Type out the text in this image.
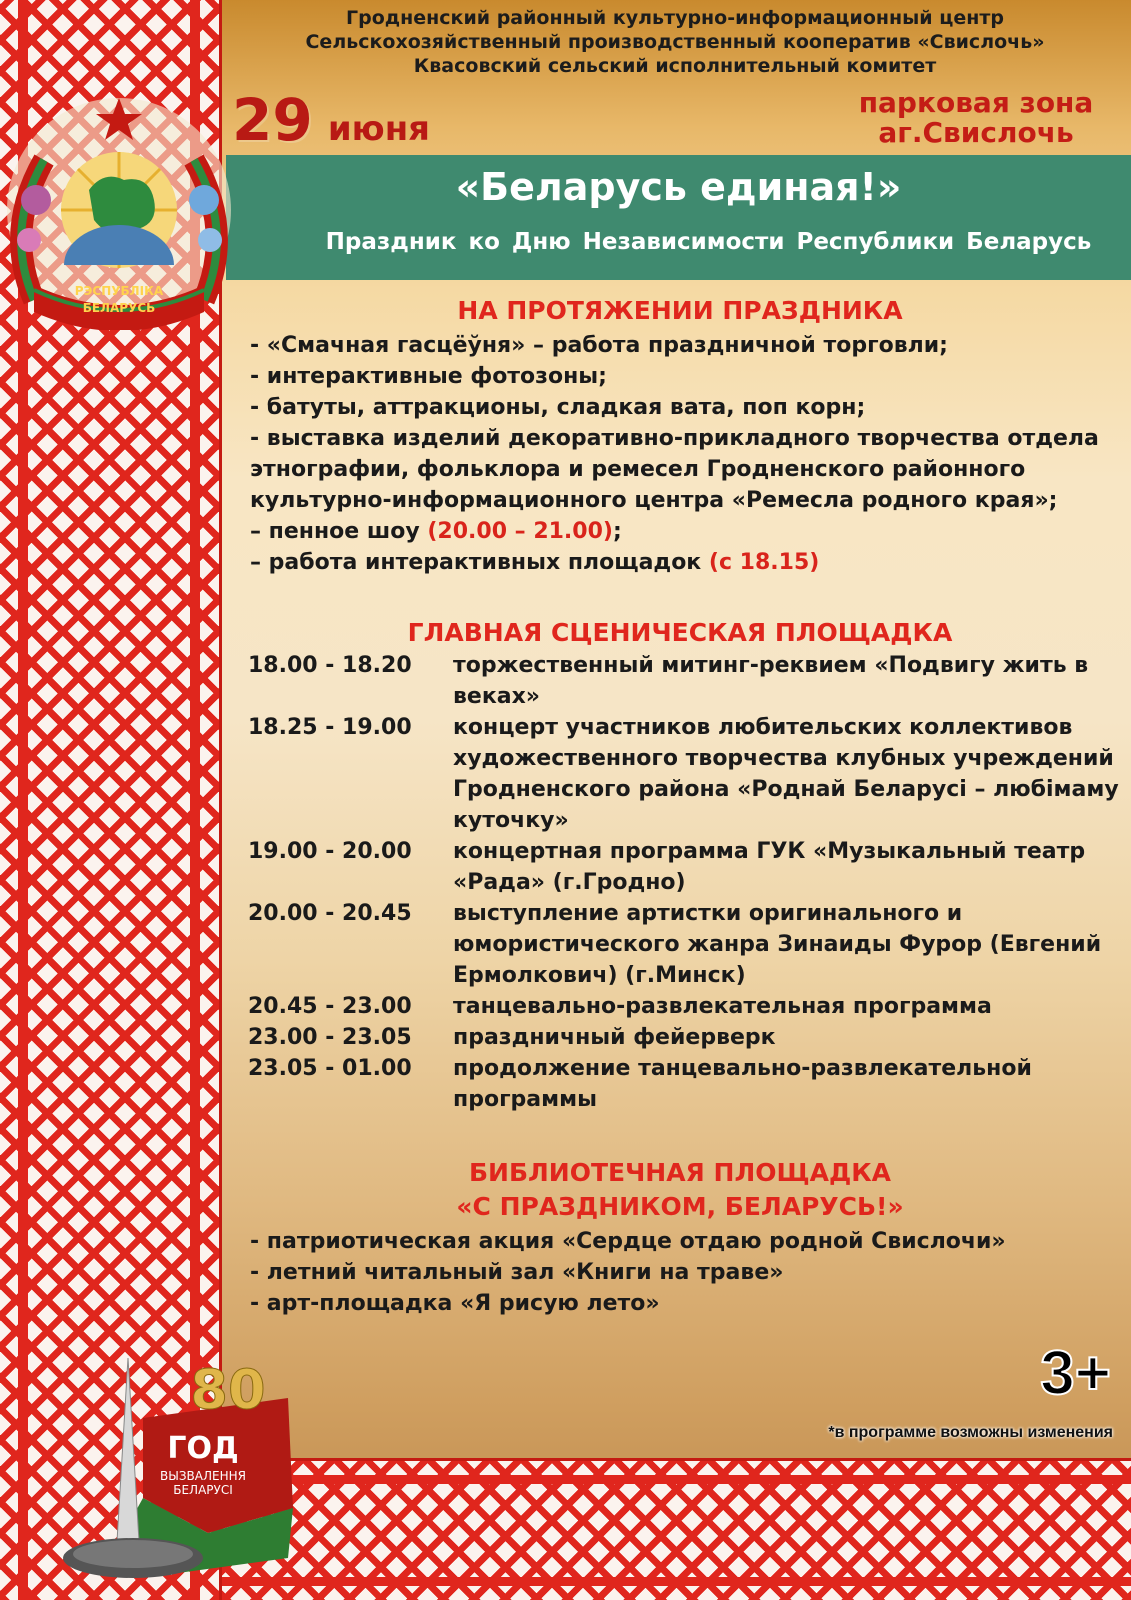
Гродненский районный культурно-информационный центр
Сельскохозяйственный производственный кооператив «Свислочь»
Квасовский сельский исполнительный комитет
29 июня
парковая зона
аг.Свислочь
«Беларусь единая!»
Праздник ко Дню Независимости Республики Беларусь
РЭСПУБЛІКА
БЕЛАРУСЬ	НА ПРОТЯЖЕНИИ ПРАЗДНИКА
- «Смачная гасцёўня» – работа праздничной торговли;
- интерактивные фотозоны;
- батуты, аттракционы, сладкая вата, поп корн;
- выставка изделий декоративно-прикладного творчества отдела этнографии, фольклора и ремесел Гродненского районного культурно-информационного центра «Ремесла родного края»;
– пенное шоу (20.00 – 21.00);
– работа интерактивных площадок (с 18.15)
ГЛАВНАЯ СЦЕНИЧЕСКАЯ ПЛОЩАДКА
18.00 - 18.20	торжественный митинг-реквием «Подвигу жить в веках»
18.25 - 19.00	концерт участников любительских коллективов художественного творчества клубных учреждений Гродненского района «Роднай Беларусі – любімаму куточку»
19.00 - 20.00	концертная программа ГУК «Музыкальный театр «Рада» (г.Гродно)
20.00 - 20.45	выступление артистки оригинального и юмористического жанра Зинаиды Фурор (Евгений Ермолкович) (г.Минск)
20.45 - 23.00	танцевально-развлекательная программа
23.00 - 23.05	праздничный фейерверк
23.05 - 01.00	продолжение танцевально-развлекательной программы
БИБЛИОТЕЧНАЯ ПЛОЩАДКА
«С ПРАЗДНИКОМ, БЕЛАРУСЬ!»
- патриотическая акция «Сердце отдаю родной Свислочи»
- летний читальный зал «Книги на траве»
- арт-площадка «Я рисую лето»
3+
*в программе возможны изменения
80
ГОД
ВЫЗВАЛЕННЯ
БЕЛАРУСІ
